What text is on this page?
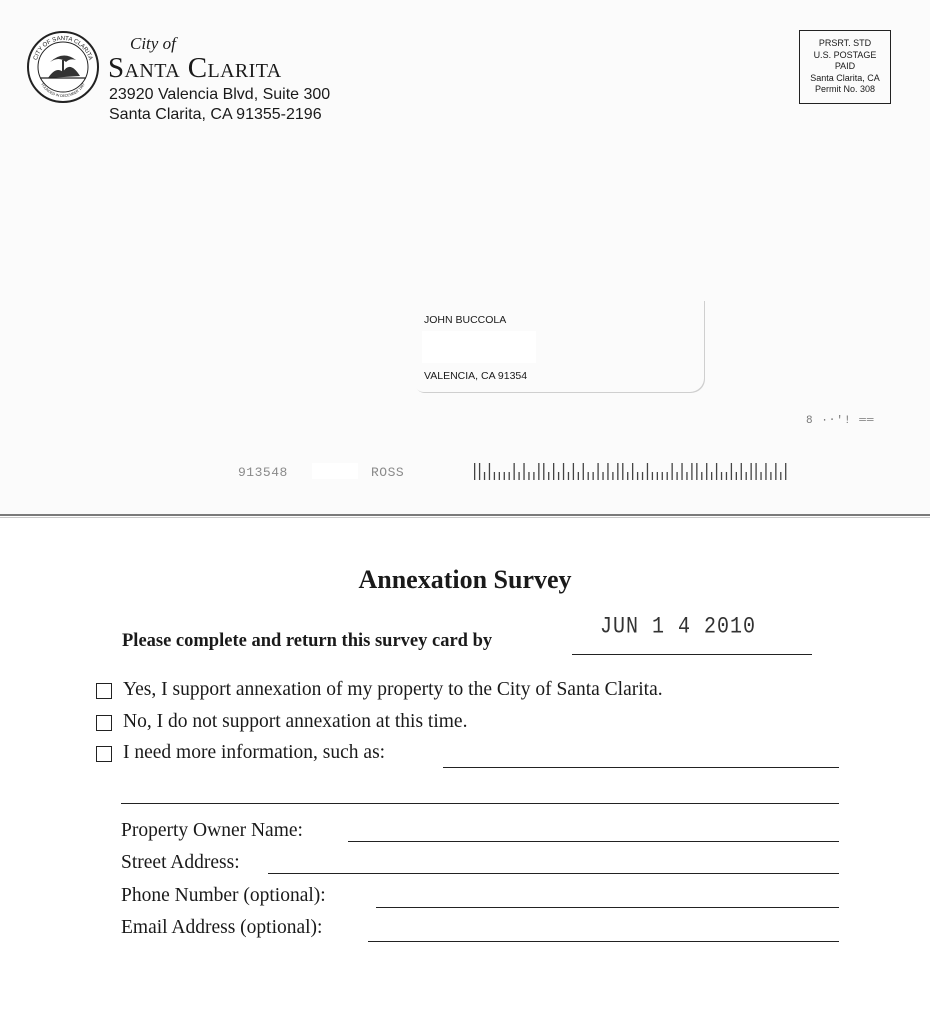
CITY OF SANTA CLARITA
FOUNDED IN DECEMBER 1987
City of
Santa Clarita
23920 Valencia Blvd, Suite 300
Santa Clarita, CA 91355-2196
PRSRT. STD
U.S. POSTAGE
PAID
Santa Clarita, CA
Permit No. 308
JOHN BUCCOLA
VALENCIA, CA 91354
8 ∙⋅'! ══
913548	ROSS
Annexation Survey
Please complete and return this survey card by
JUN 1 4 2010
Yes, I support annexation of my property to the City of Santa Clarita.
No, I do not support annexation at this time.
I need more information, such as:
Property Owner Name:
Street Address:
Phone Number (optional):
Email Address (optional):
